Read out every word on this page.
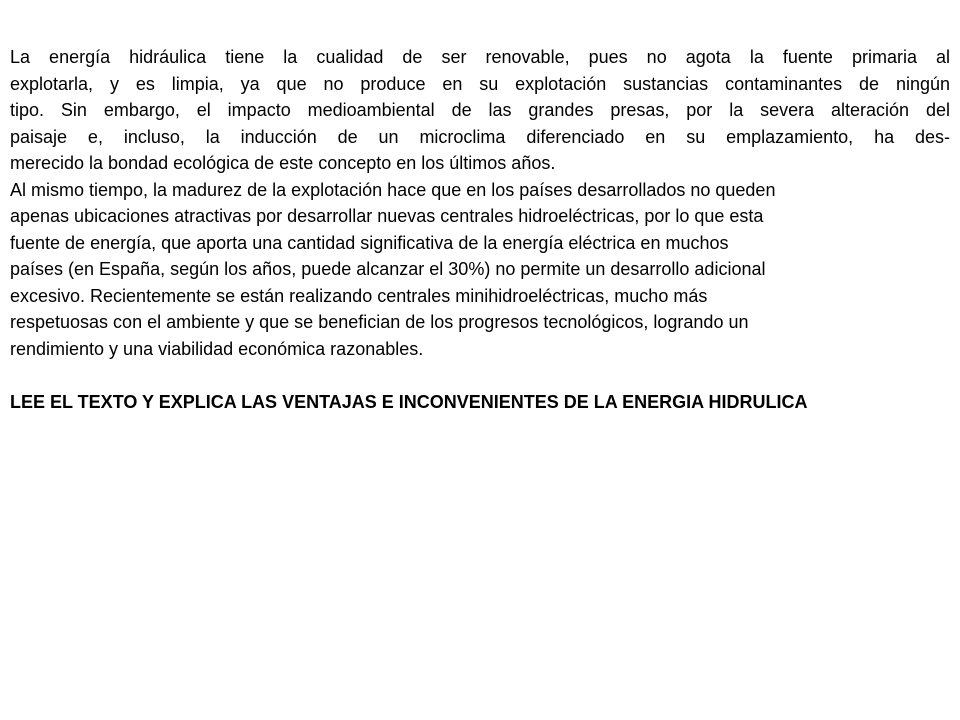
La energía hidráulica tiene la cualidad de ser renovable, pues no agota la fuente primaria al
explotarla, y es limpia, ya que no produce en su explotación sustancias contaminantes de ningún
tipo. Sin embargo, el impacto medioambiental de las grandes presas, por la severa alteración del
paisaje e, incluso, la inducción de un microclima diferenciado en su emplazamiento, ha des-
merecido la bondad ecológica de este concepto en los últimos años.
Al mismo tiempo, la madurez de la explotación hace que en los países desarrollados no queden
apenas ubicaciones atractivas por desarrollar nuevas centrales hidroeléctricas, por lo que esta
fuente de energía, que aporta una cantidad significativa de la energía eléctrica en muchos
países (en España, según los años, puede alcanzar el 30%) no permite un desarrollo adicional
excesivo. Recientemente se están realizando centrales minihidroeléctricas, mucho más
respetuosas con el ambiente y que se benefician de los progresos tecnológicos, logrando un
rendimiento y una viabilidad económica razonables.
LEE EL TEXTO Y EXPLICA LAS VENTAJAS E INCONVENIENTES DE LA ENERGIA HIDRULICA
